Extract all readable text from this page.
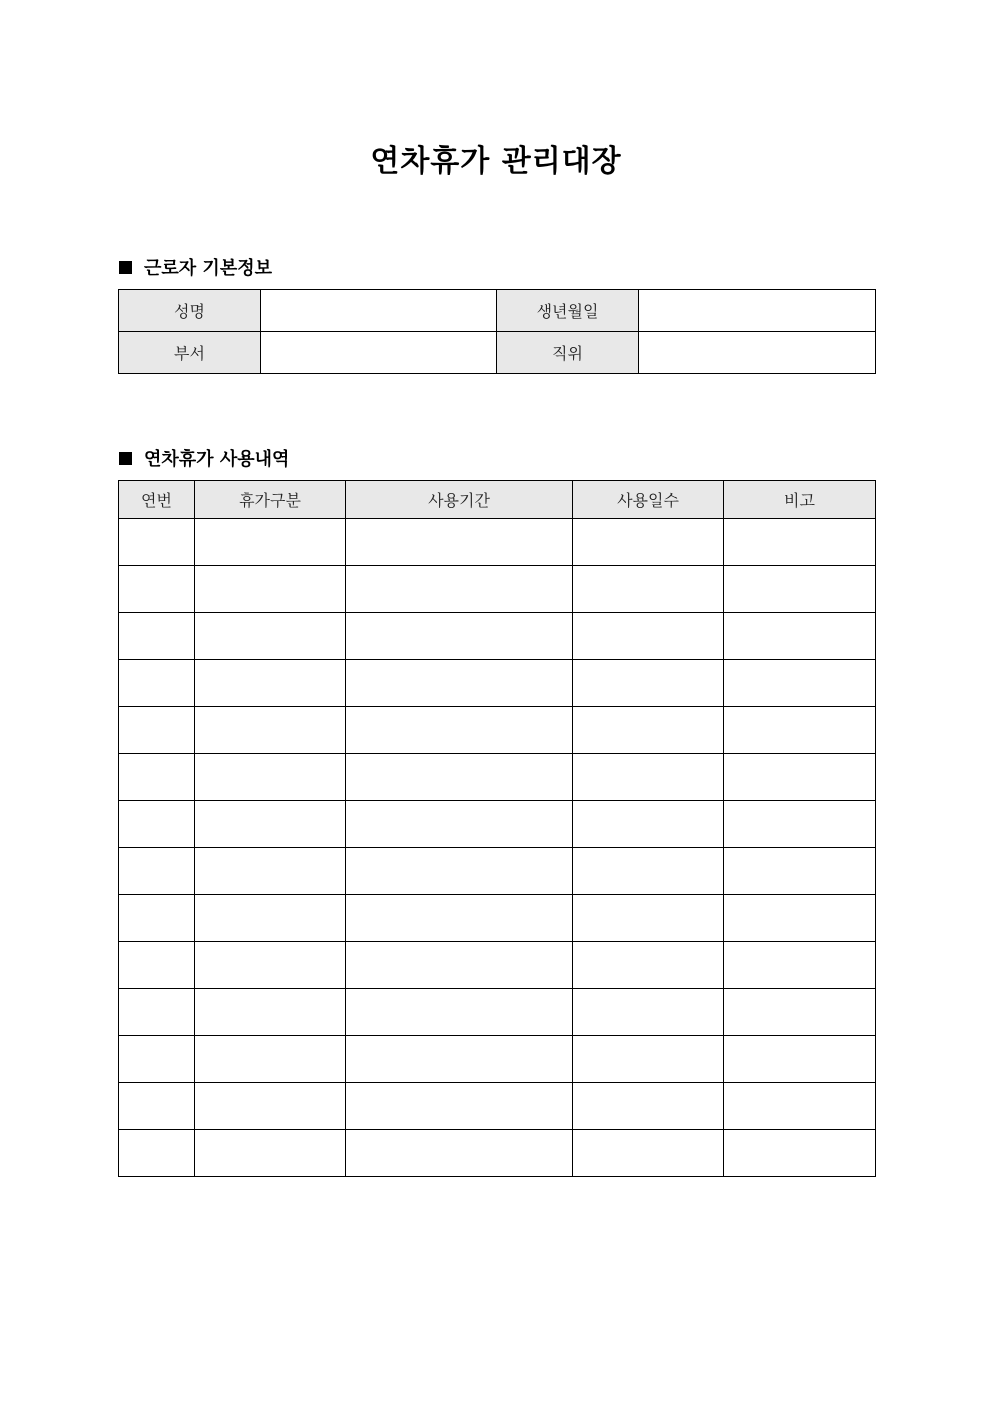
연차휴가 관리대장
근로자 기본정보
성명		생년월일	
부서		직위	
연차휴가 사용내역
연번	휴가구분	사용기간	사용일수	비고
